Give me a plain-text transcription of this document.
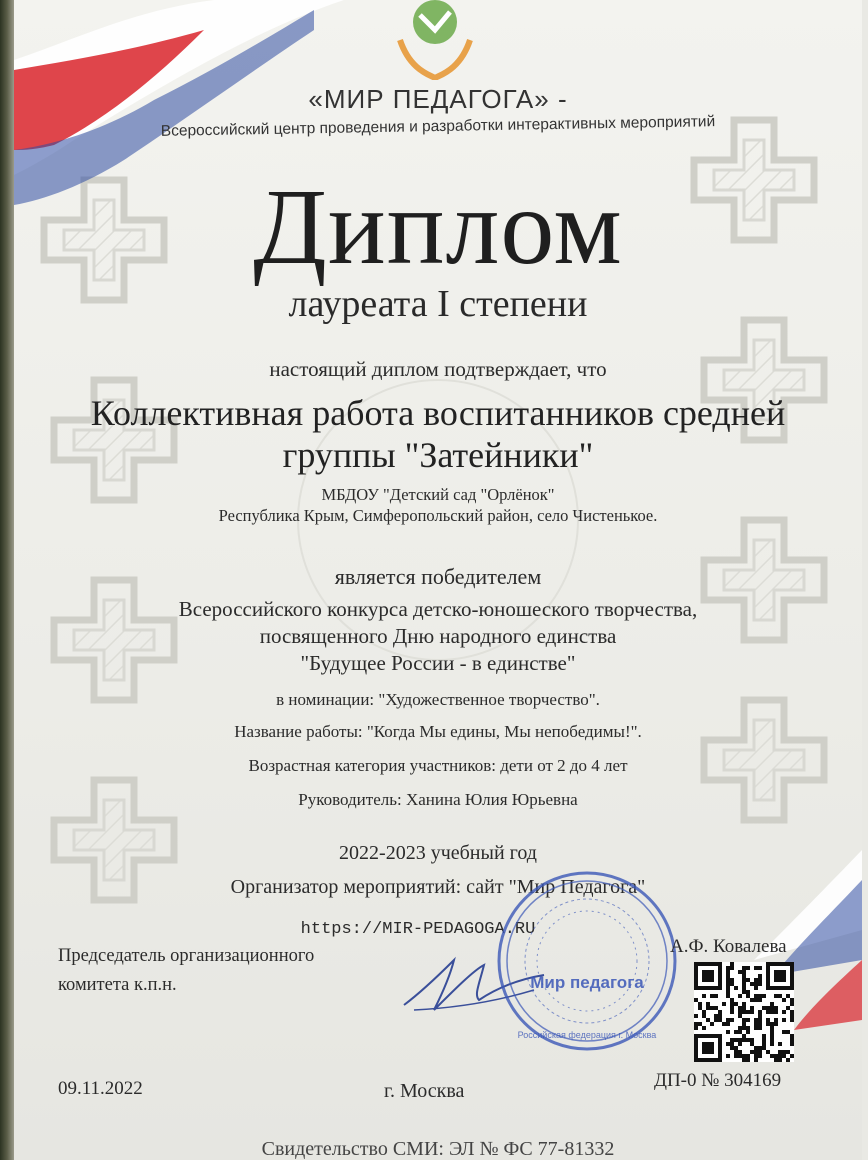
«МИР ПЕДАГОГА» -
Всероссийский центр проведения и разработки интерактивных мероприятий
Диплом
лауреата I степени
настоящий диплом подтверждает, что
Коллективная работа воспитанников средней
группы "Затейники"
МБДОУ "Детский сад "Орлёнок"
Республика Крым, Симферопольский район, село Чистенькое.
является победителем
Всероссийского конкурса детско-юношеского творчества,
посвященного Дню народного единства
"Будущее России - в единстве"
в номинации: "Художественное творчество".
Название работы: "Когда Мы едины, Мы непобедимы!".
Возрастная категория участников: дети от 2 до 4 лет
Руководитель: Ханина Юлия Юрьевна
2022-2023 учебный год
Организатор мероприятий: сайт "Мир Педагога"
https://MIR-PEDAGOGA.RU
Председатель организационного
комитета к.п.н.	Мир педагога
Российская федерация г. Москва
А.Ф. Ковалева
09.11.2022	г. Москва	ДП-0 № 304169
Свидетельство СМИ: ЭЛ № ФС 77-81332
